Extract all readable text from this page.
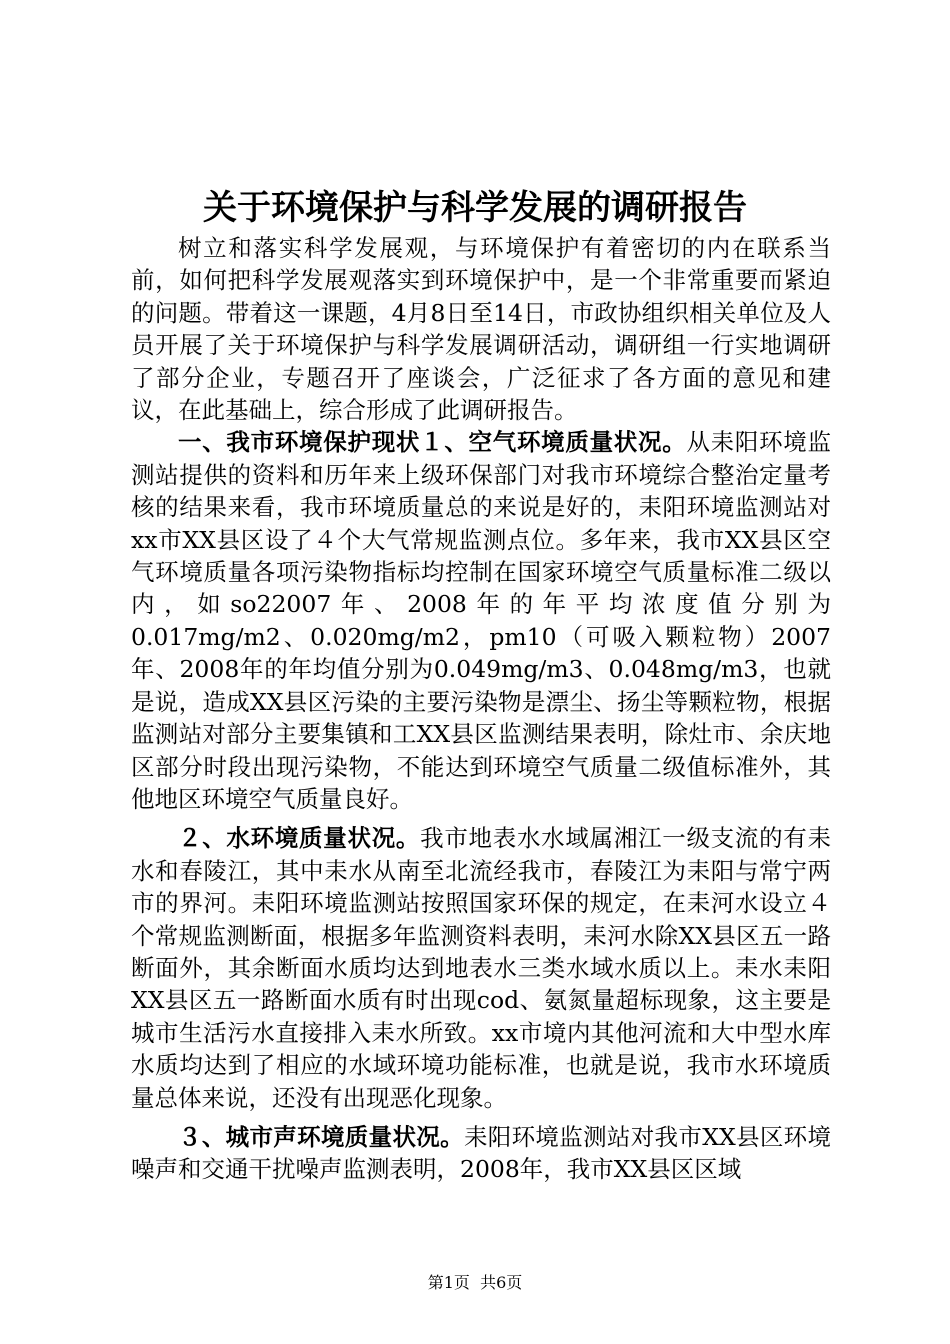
关于环境保护与科学发展的调研报告

树立和落实科学发展观，与环境保护有着密切的内在联系当前，如何把科学发展观落实到环境保护中，是一个非常重要而紧迫的问题。带着这一课题，4月8日至14日，市政协组织相关单位及人员开展了关于环境保护与科学发展调研活动，调研组一行实地调研了部分企业，专题召开了座谈会，广泛征求了各方面的意见和建议，在此基础上，综合形成了此调研报告。

一、我市环境保护现状１、空气环境质量状况。从耒阳环境监测站提供的资料和历年来上级环保部门对我市环境综合整治定量考核的结果来看，我市环境质量总的来说是好的，耒阳环境监测站对xx市XX县区设了４个大气常规监测点位。多年来，我市XX县区空气环境质量各项污染物指标均控制在国家环境空气质量标准二级以内，如so22007年、2008年的年平均浓度值分别为0.017mg/m2、0.020mg/m2，pm10（可吸入颗粒物）2007年、2008年的年均值分别为0.049mg/m3、0.048mg/m3，也就是说，造成XX县区污染的主要污染物是漂尘、扬尘等颗粒物，根据监测站对部分主要集镇和工XX县区监测结果表明，除灶市、余庆地区部分时段出现污染物，不能达到环境空气质量二级值标准外，其他地区环境空气质量良好。

２、水环境质量状况。我市地表水水域属湘江一级支流的有耒水和春陵江，其中耒水从南至北流经我市，春陵江为耒阳与常宁两市的界河。耒阳环境监测站按照国家环保的规定，在耒河水设立４个常规监测断面，根据多年监测资料表明，耒河水除XX县区五一路断面外，其余断面水质均达到地表水三类水域水质以上。耒水耒阳XX县区五一路断面水质有时出现cod、氨氮量超标现象，这主要是城市生活污水直接排入耒水所致。xx市境内其他河流和大中型水库水质均达到了相应的水域环境功能标准，也就是说，我市水环境质量总体来说，还没有出现恶化现象。

３、城市声环境质量状况。耒阳环境监测站对我市XX县区环境噪声和交通干扰噪声监测表明，2008年，我市XX县区区域

第1页  共6页
